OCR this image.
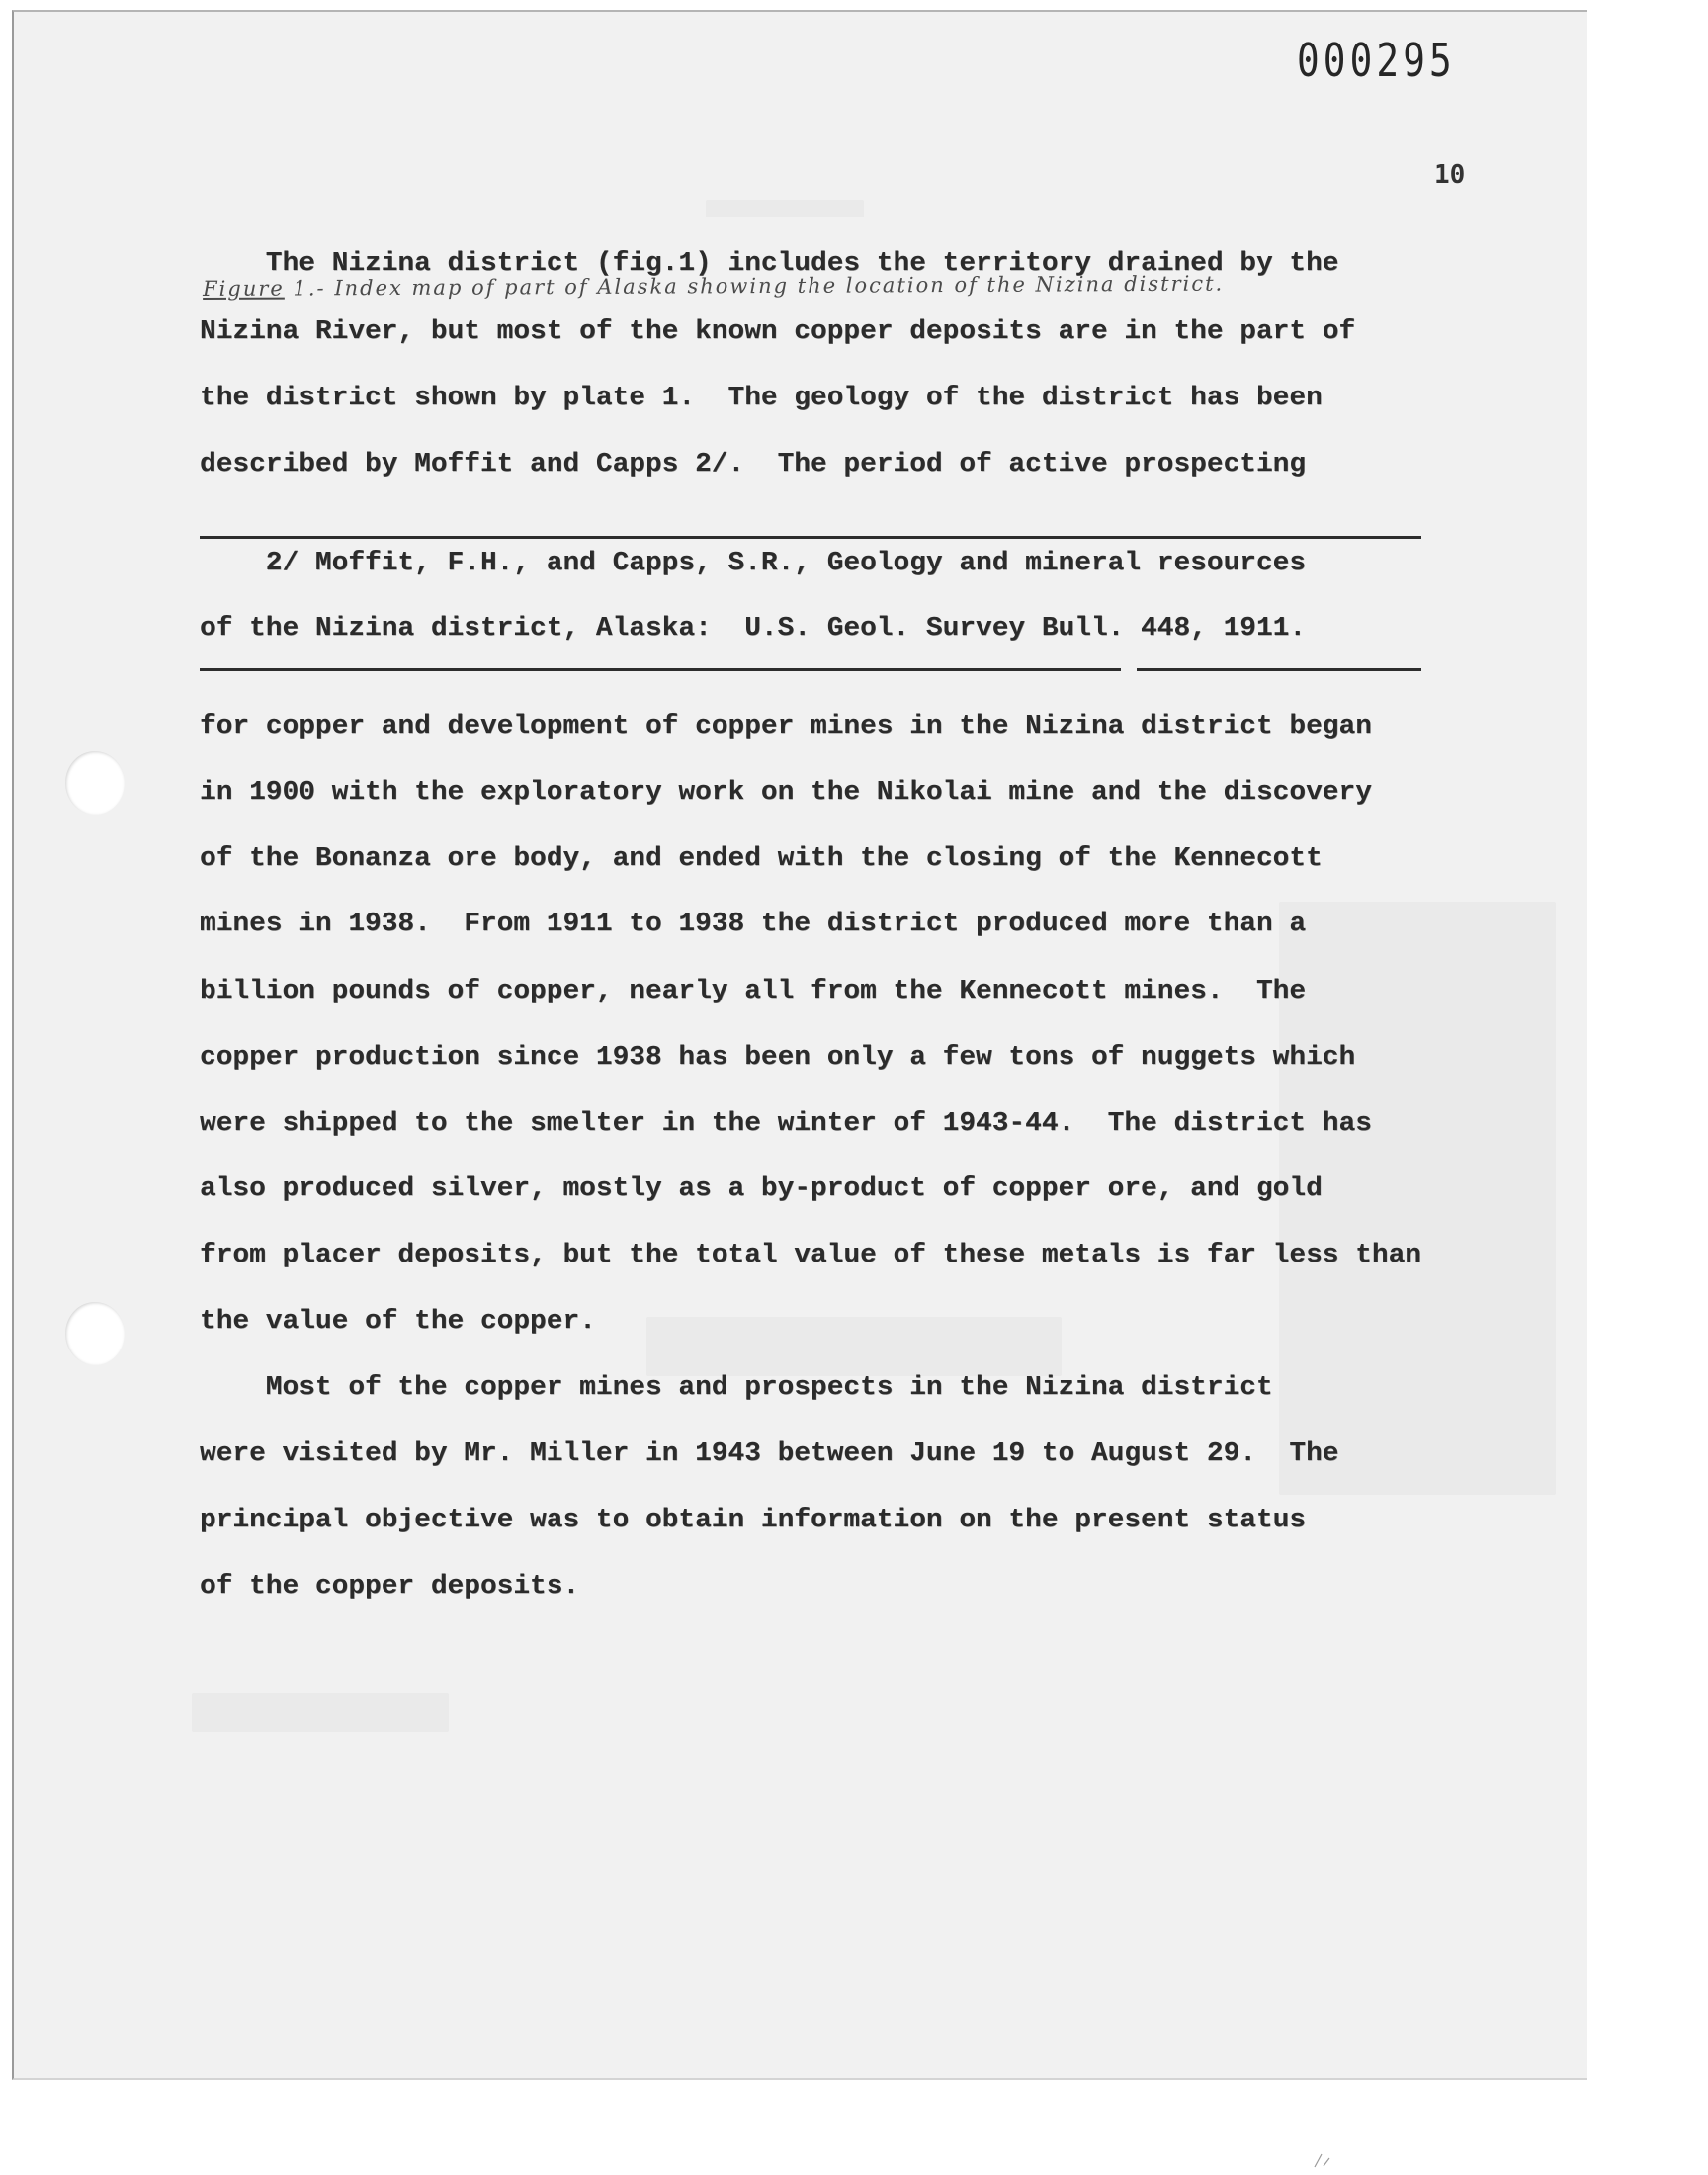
000295
10
The Nizina district (fig.1) includes the territory drained by the
Figure 1.- Index map of part of Alaska showing the location of the Nizina district.
Nizina River, but most of the known copper deposits are in the part of
the district shown by plate 1.  The geology of the district has been
described by Moffit and Capps 2/.  The period of active prospecting
2/ Moffit, F.H., and Capps, S.R., Geology and mineral resources
of the Nizina district, Alaska:  U.S. Geol. Survey Bull. 448, 1911.
for copper and development of copper mines in the Nizina district began
in 1900 with the exploratory work on the Nikolai mine and the discovery
of the Bonanza ore body, and ended with the closing of the Kennecott
mines in 1938.  From 1911 to 1938 the district produced more than a
billion pounds of copper, nearly all from the Kennecott mines.  The
copper production since 1938 has been only a few tons of nuggets which
were shipped to the smelter in the winter of 1943-44.  The district has
also produced silver, mostly as a by-product of copper ore, and gold
from placer deposits, but the total value of these metals is far less than
the value of the copper.
Most of the copper mines and prospects in the Nizina district
were visited by Mr. Miller in 1943 between June 19 to August 29.  The
principal objective was to obtain information on the present status
of the copper deposits.
